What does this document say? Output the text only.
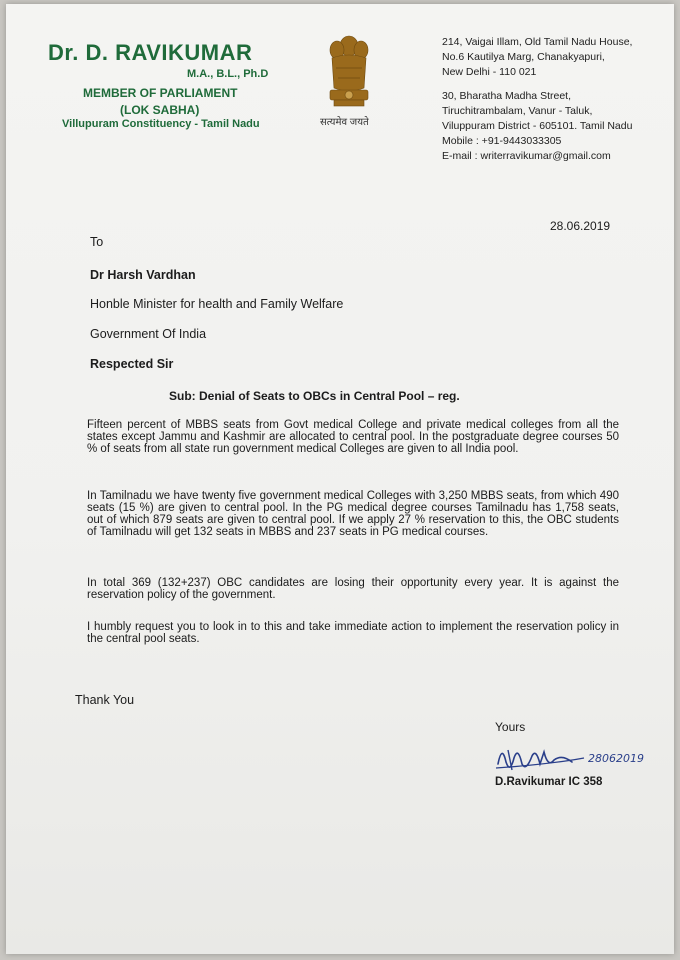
Dr. D. RAVIKUMAR
M.A., B.L., Ph.D
MEMBER OF PARLIAMENT
(LOK SABHA)
Villupuram Constituency - Tamil Nadu	सत्यमेव जयते
214, Vaigai Illam, Old Tamil Nadu House,
No.6 Kautilya Marg, Chanakyapuri,
New Delhi - 110 021
30, Bharatha Madha Street,
Tiruchitrambalam, Vanur - Taluk,
Viluppuram District - 605101. Tamil Nadu
Mobile : +91-9443033305
E-mail : writerravikumar@gmail.com
28.06.2019
To
Dr Harsh Vardhan
Honble Minister for health and Family Welfare
Government Of India
Respected Sir
Sub: Denial of Seats to OBCs in Central Pool – reg.
Fifteen percent of MBBS seats from Govt medical College and private medical colleges from all the states except Jammu and Kashmir are allocated to central pool. In the postgraduate degree courses 50 % of seats from all state run government medical Colleges are given to all India pool.
In Tamilnadu we have twenty five government medical Colleges with 3,250 MBBS seats, from which 490 seats (15 %) are given to central pool. In the PG medical degree courses Tamilnadu has 1,758 seats, out of which 879 seats are given to central pool. If we apply 27 % reservation to this, the OBC students of Tamilnadu will get 132 seats in MBBS and 237 seats in PG medical courses.
In total 369 (132+237) OBC candidates are losing their opportunity every year. It is against the reservation policy of the government.
I humbly request you to look in to this and take immediate action to implement the reservation policy in the central pool seats.
Thank You
Yours
28062019
D.Ravikumar IC 358
